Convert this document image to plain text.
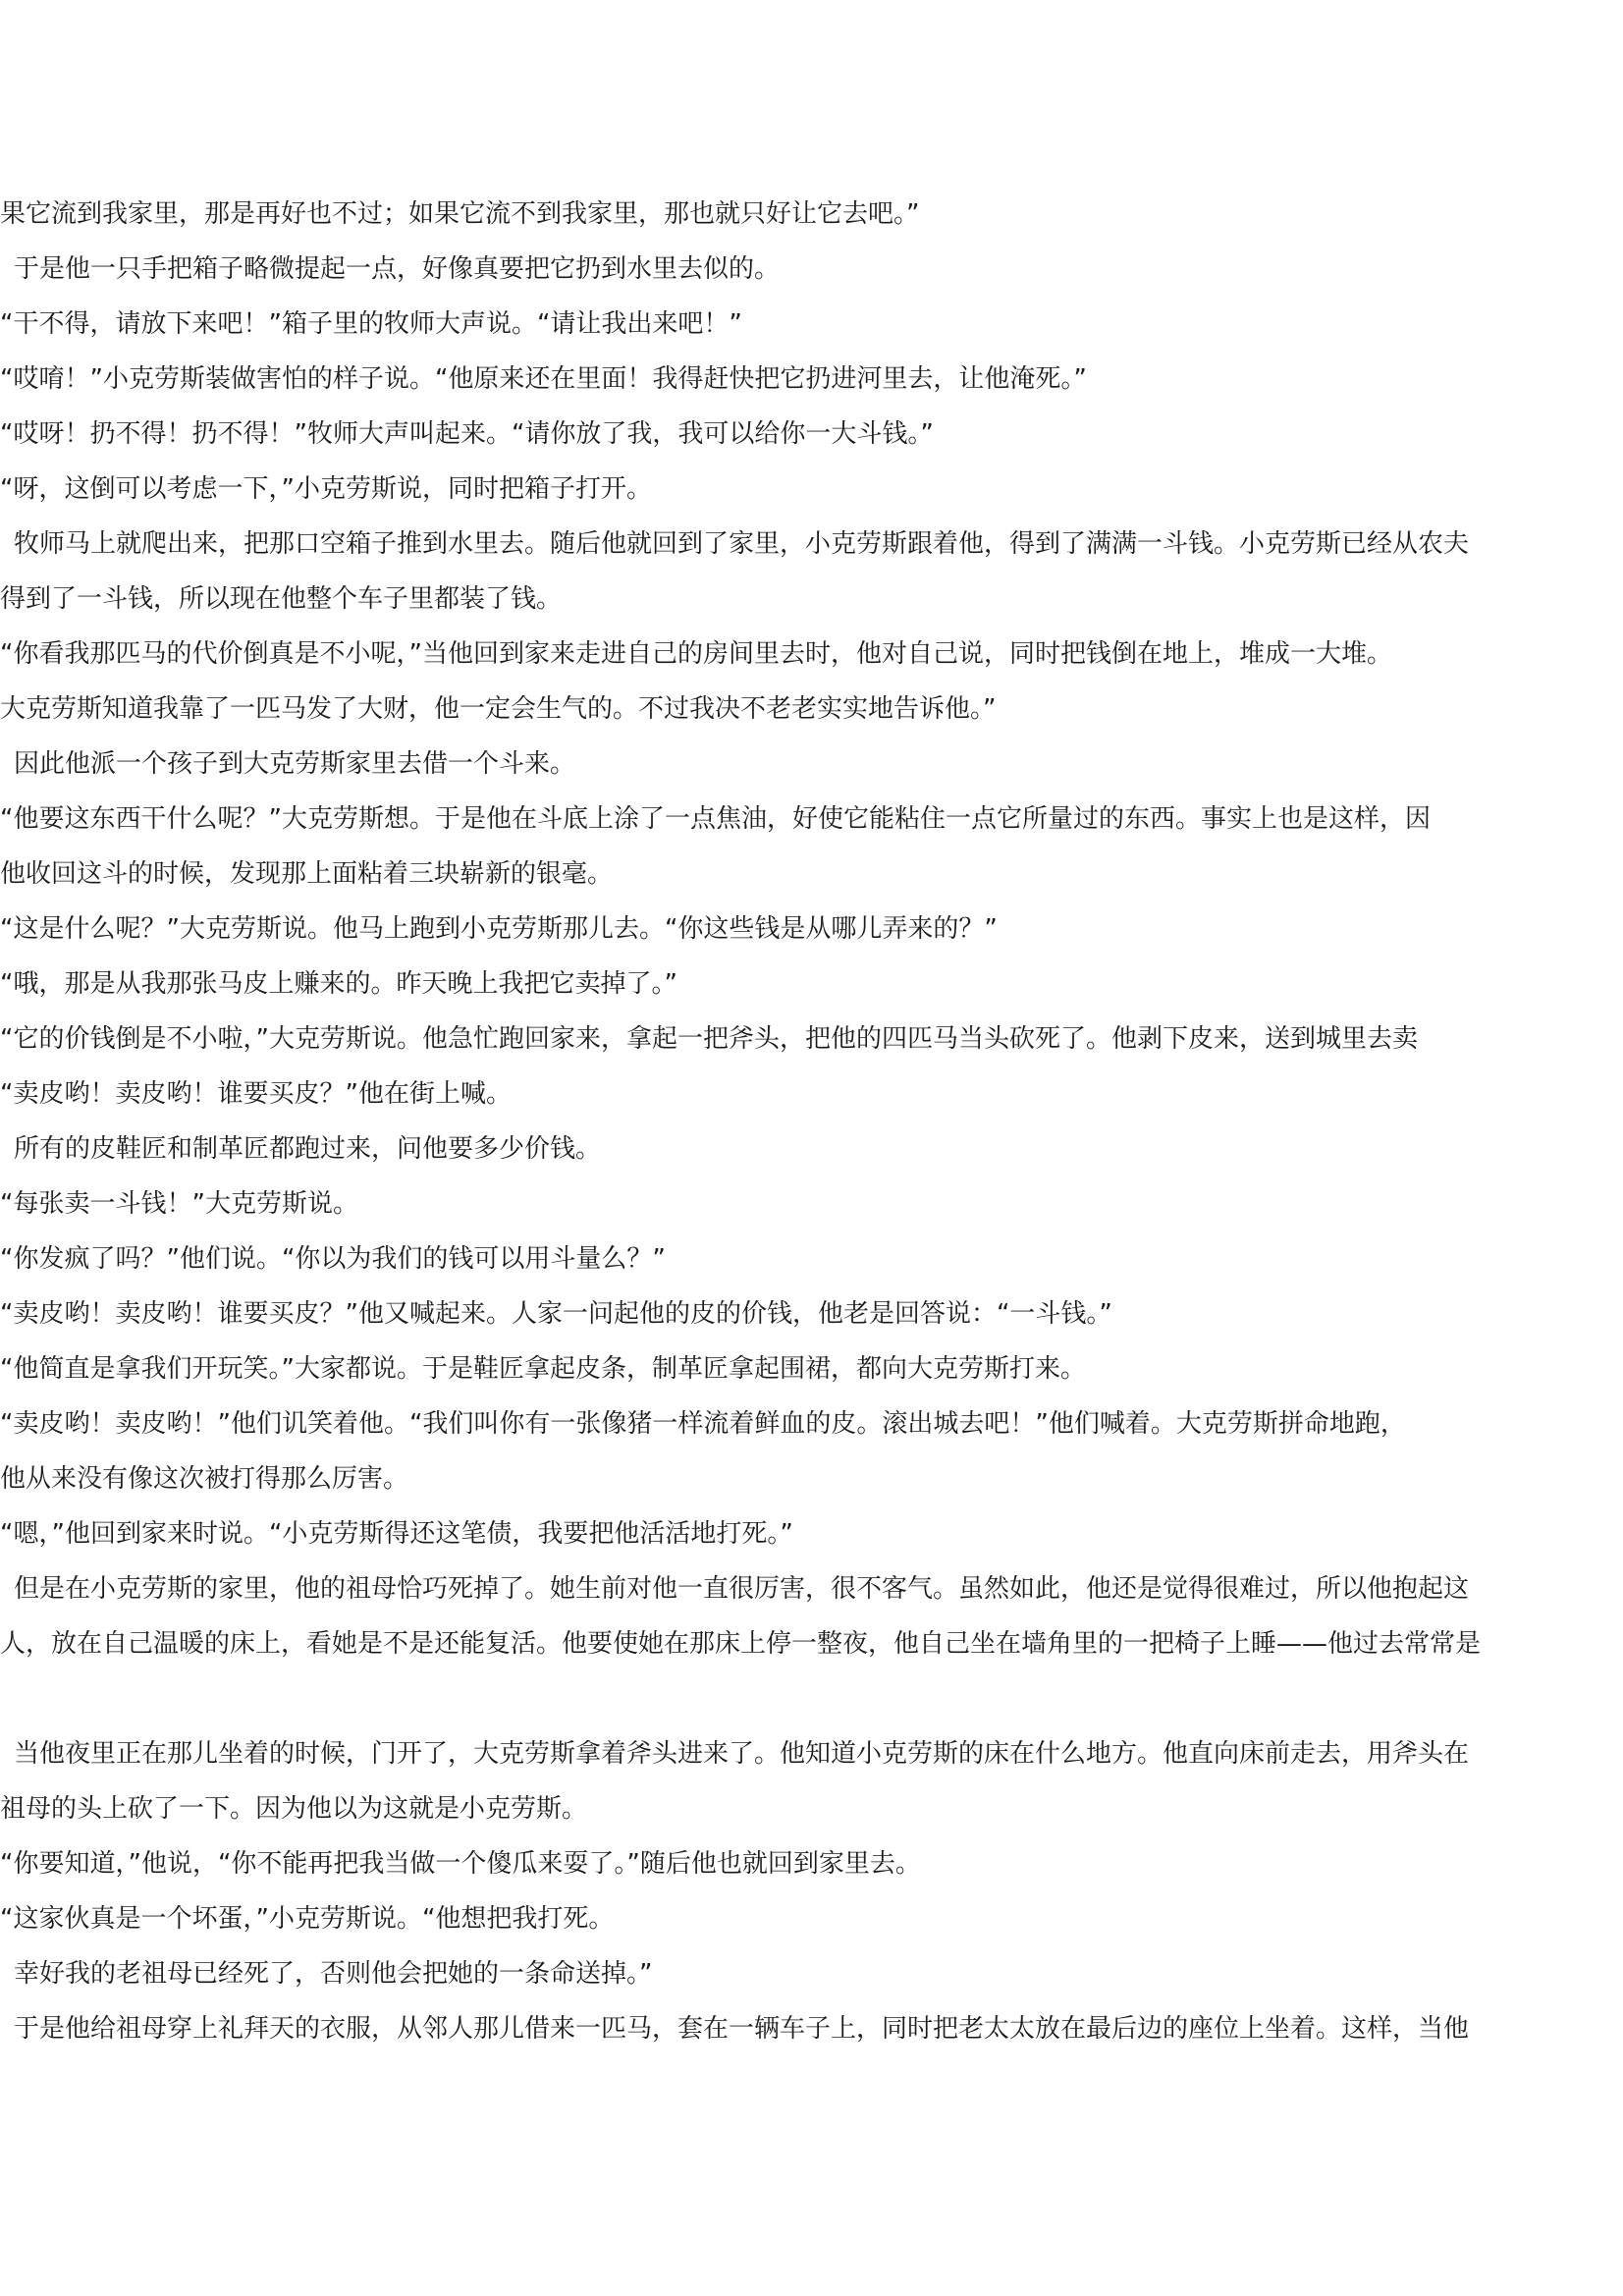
果它流到我家里，那是再好也不过；如果它流不到我家里，那也就只好让它去吧。”
于是他一只手把箱子略微提起一点，好像真要把它扔到水里去似的。
“干不得，请放下来吧！”箱子里的牧师大声说。“请让我出来吧！”
“哎唷！”小克劳斯装做害怕的样子说。“他原来还在里面！我得赶快把它扔进河里去，让他淹死。”
“哎呀！扔不得！扔不得！”牧师大声叫起来。“请你放了我，我可以给你一大斗钱。”
“呀，这倒可以考虑一下，”小克劳斯说，同时把箱子打开。
牧师马上就爬出来，把那口空箱子推到水里去。随后他就回到了家里，小克劳斯跟着他，得到了满满一斗钱。小克劳斯已经从农夫
得到了一斗钱，所以现在他整个车子里都装了钱。
“你看我那匹马的代价倒真是不小呢，”当他回到家来走进自己的房间里去时，他对自己说，同时把钱倒在地上，堆成一大堆。
大克劳斯知道我靠了一匹马发了大财，他一定会生气的。不过我决不老老实实地告诉他。”
因此他派一个孩子到大克劳斯家里去借一个斗来。
“他要这东西干什么呢？”大克劳斯想。于是他在斗底上涂了一点焦油，好使它能粘住一点它所量过的东西。事实上也是这样，因
他收回这斗的时候，发现那上面粘着三块崭新的银毫。
“这是什么呢？”大克劳斯说。他马上跑到小克劳斯那儿去。“你这些钱是从哪儿弄来的？”
“哦，那是从我那张马皮上赚来的。昨天晚上我把它卖掉了。”
“它的价钱倒是不小啦，”大克劳斯说。他急忙跑回家来，拿起一把斧头，把他的四匹马当头砍死了。他剥下皮来，送到城里去卖
“卖皮哟！卖皮哟！谁要买皮？”他在街上喊。
所有的皮鞋匠和制革匠都跑过来，问他要多少价钱。
“每张卖一斗钱！”大克劳斯说。
“你发疯了吗？”他们说。“你以为我们的钱可以用斗量么？”
“卖皮哟！卖皮哟！谁要买皮？”他又喊起来。人家一问起他的皮的价钱，他老是回答说：“一斗钱。”
“他简直是拿我们开玩笑。”大家都说。于是鞋匠拿起皮条，制革匠拿起围裙，都向大克劳斯打来。
“卖皮哟！卖皮哟！”他们讥笑着他。“我们叫你有一张像猪一样流着鲜血的皮。滚出城去吧！”他们喊着。大克劳斯拼命地跑，
他从来没有像这次被打得那么厉害。
“嗯，”他回到家来时说。“小克劳斯得还这笔债，我要把他活活地打死。”
但是在小克劳斯的家里，他的祖母恰巧死掉了。她生前对他一直很厉害，很不客气。虽然如此，他还是觉得很难过，所以他抱起这
人，放在自己温暖的床上，看她是不是还能复活。他要使她在那床上停一整夜，他自己坐在墙角里的一把椅子上睡——他过去常常是
当他夜里正在那儿坐着的时候，门开了，大克劳斯拿着斧头进来了。他知道小克劳斯的床在什么地方。他直向床前走去，用斧头在
祖母的头上砍了一下。因为他以为这就是小克劳斯。
“你要知道，”他说，“你不能再把我当做一个傻瓜来耍了。”随后他也就回到家里去。
“这家伙真是一个坏蛋，”小克劳斯说。“他想把我打死。
幸好我的老祖母已经死了，否则他会把她的一条命送掉。”
于是他给祖母穿上礼拜天的衣服，从邻人那儿借来一匹马，套在一辆车子上，同时把老太太放在最后边的座位上坐着。这样，当他
